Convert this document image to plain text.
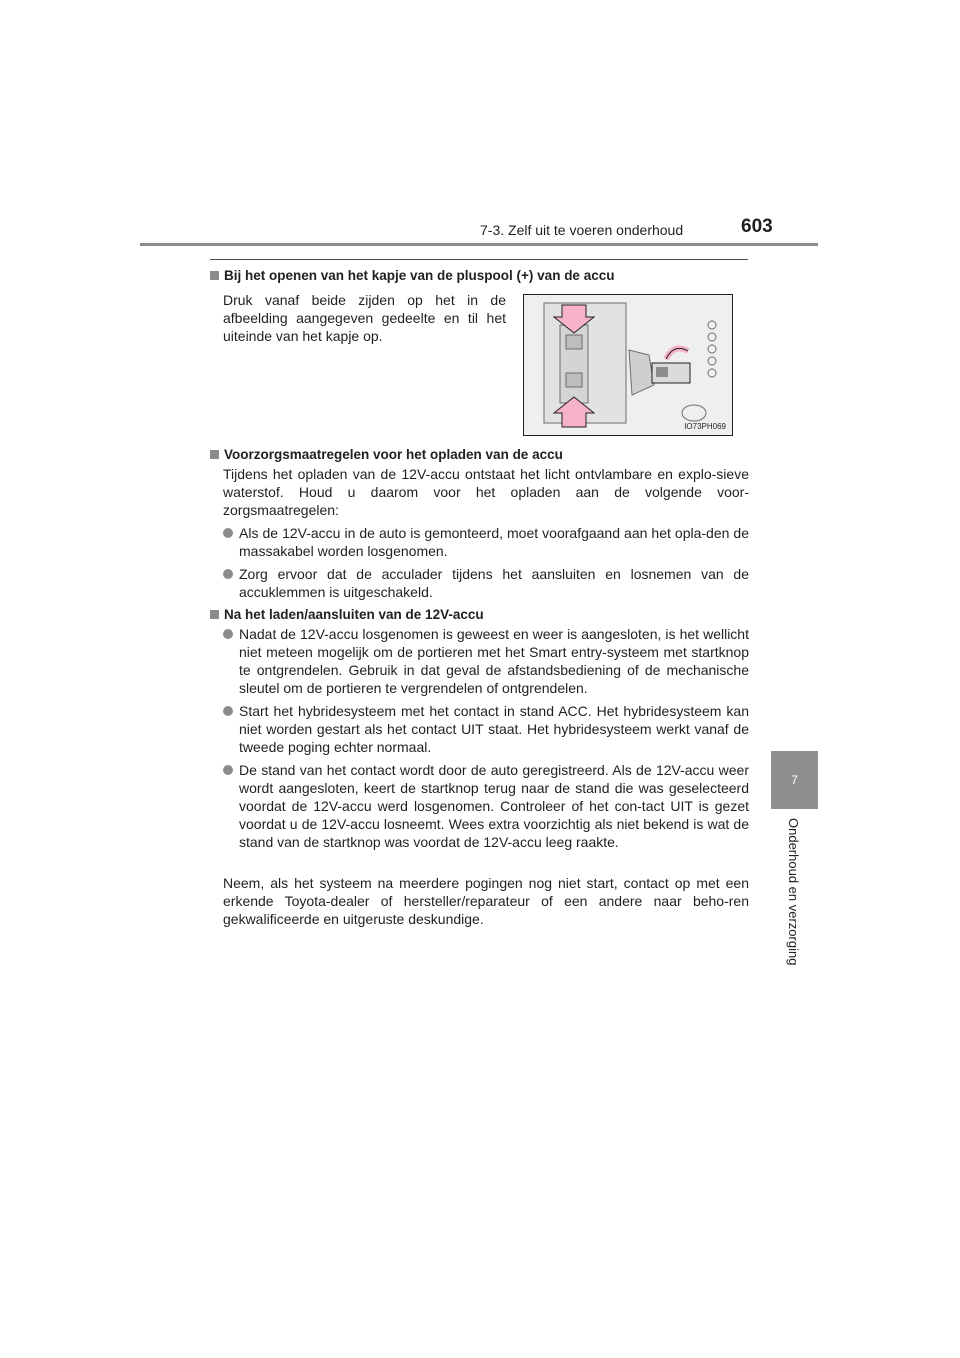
7-3. Zelf uit te voeren onderhoud	603
7
Onderhoud en verzorging
Bij het openen van het kapje van de pluspool (+) van de accu
Druk vanaf beide zijden op het in de afbeelding aangegeven gedeelte en til het uiteinde van het kapje op.
IO73PH069
Voorzorgsmaatregelen voor het opladen van de accu
Tijdens het opladen van de 12V-accu ontstaat het licht ontvlambare en explo-sieve waterstof. Houd u daarom voor het opladen aan de volgende voor-zorgsmaatregelen:
Als de 12V-accu in de auto is gemonteerd, moet voorafgaand aan het opla-den de massakabel worden losgenomen.
Zorg ervoor dat de acculader tijdens het aansluiten en losnemen van de accuklemmen is uitgeschakeld.
Na het laden/aansluiten van de 12V-accu
Nadat de 12V-accu losgenomen is geweest en weer is aangesloten, is het wellicht niet meteen mogelijk om de portieren met het Smart entry-systeem met startknop te ontgrendelen. Gebruik in dat geval de afstandsbediening of de mechanische sleutel om de portieren te vergrendelen of ontgrendelen.
Start het hybridesysteem met het contact in stand ACC. Het hybridesysteem kan niet worden gestart als het contact UIT staat. Het hybridesysteem werkt vanaf de tweede poging echter normaal.
De stand van het contact wordt door de auto geregistreerd. Als de 12V-accu weer wordt aangesloten, keert de startknop terug naar de stand die was geselecteerd voordat de 12V-accu werd losgenomen. Controleer of het con-tact UIT is gezet voordat u de 12V-accu losneemt. Wees extra voorzichtig als niet bekend is wat de stand van de startknop was voordat de 12V-accu leeg raakte.
Neem, als het systeem na meerdere pogingen nog niet start, contact op met een erkende Toyota-dealer of hersteller/reparateur of een andere naar beho-ren gekwalificeerde en uitgeruste deskundige.
